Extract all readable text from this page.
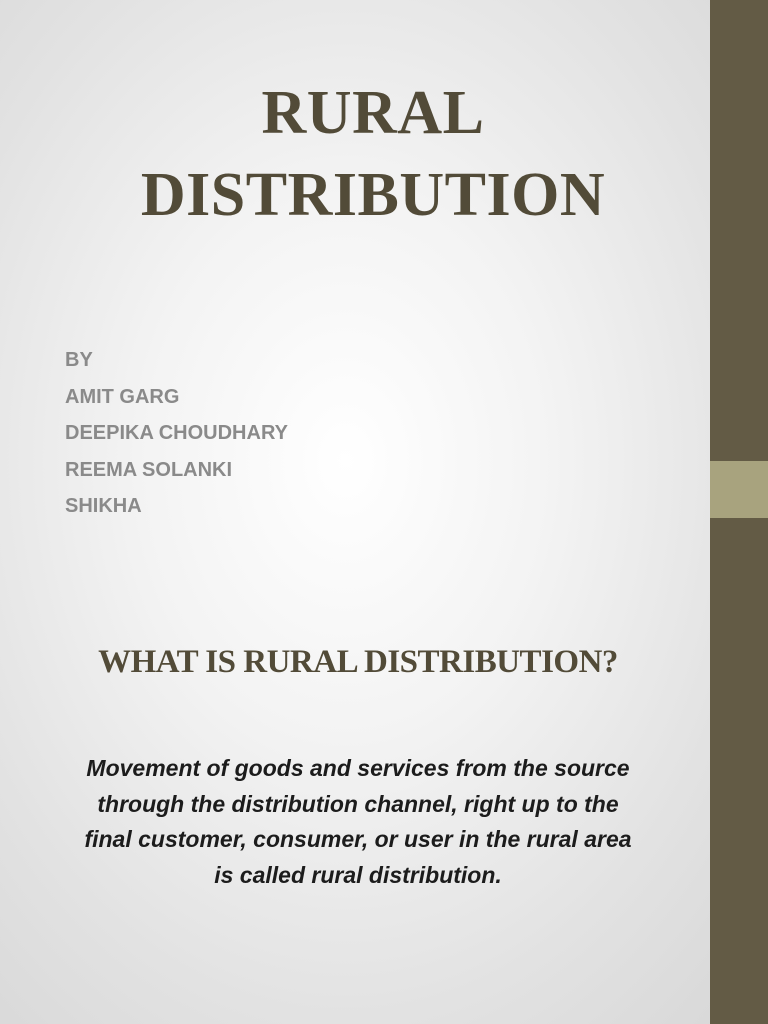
RURAL
DISTRIBUTION
BY
AMIT GARG
DEEPIKA CHOUDHARY
REEMA SOLANKI
SHIKHA
WHAT IS RURAL DISTRIBUTION?

Movement of goods and services from the source
through the distribution channel, right up to the
final customer, consumer, or user in the rural area
is called rural distribution.
